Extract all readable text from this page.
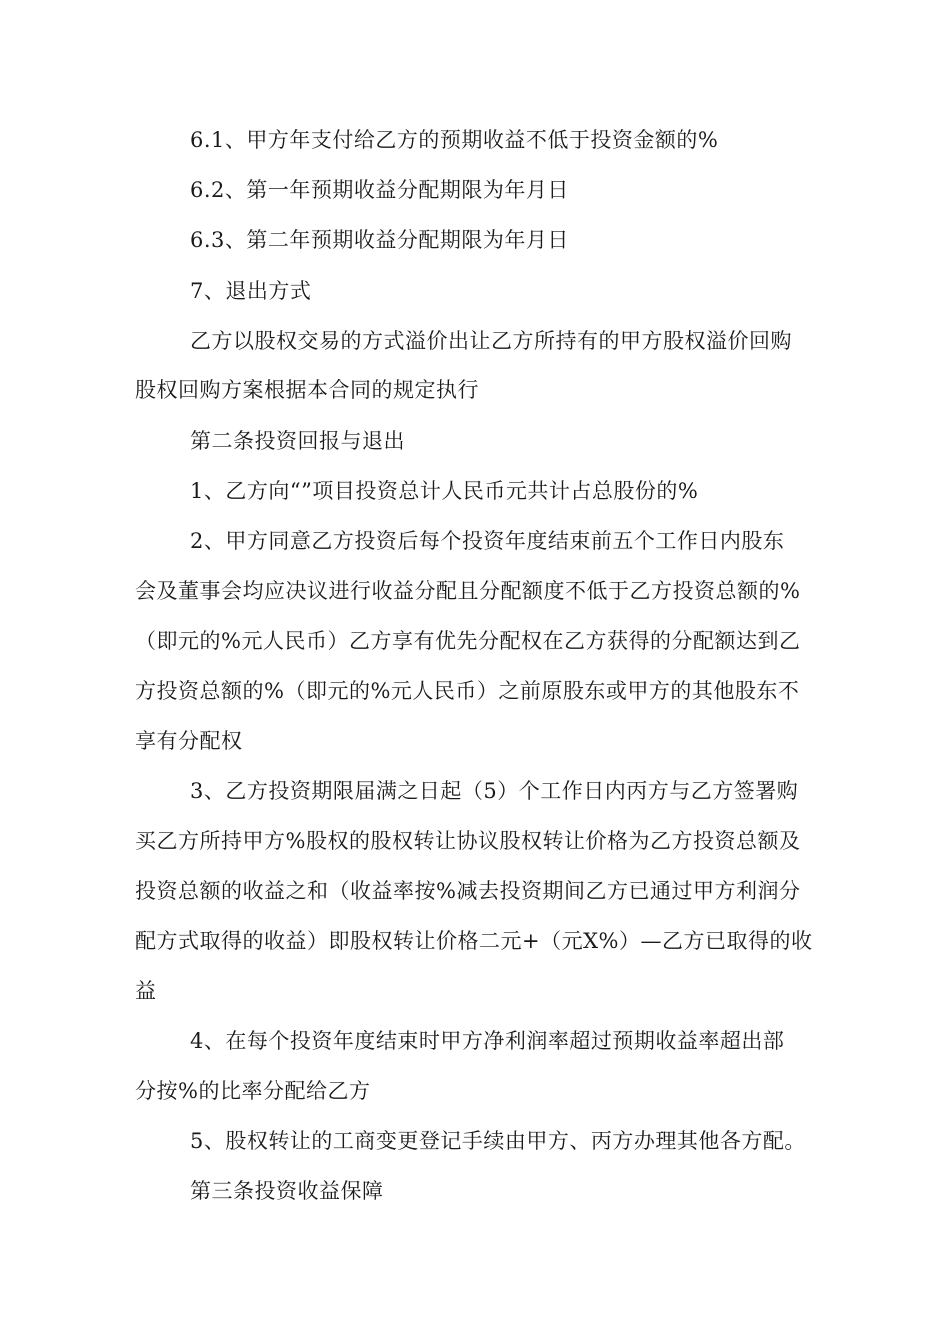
6.1、甲方年支付给乙方的预期收益不低于投资金额的%
6.2、第一年预期收益分配期限为年月日
6.3、第二年预期收益分配期限为年月日
7、退出方式
乙方以股权交易的方式溢价出让乙方所持有的甲方股权溢价回购
股权回购方案根据本合同的规定执行
第二条投资回报与退出
1、乙方向“”项目投资总计人民币元共计占总股份的%
2、甲方同意乙方投资后每个投资年度结束前五个工作日内股东
会及董事会均应决议进行收益分配且分配额度不低于乙方投资总额的%
（即元的%元人民币）乙方享有优先分配权在乙方获得的分配额达到乙
方投资总额的%（即元的%元人民币）之前原股东或甲方的其他股东不
享有分配权
3、乙方投资期限届满之日起（5）个工作日内丙方与乙方签署购
买乙方所持甲方%股权的股权转让协议股权转让价格为乙方投资总额及
投资总额的收益之和（收益率按%减去投资期间乙方已通过甲方利润分
配方式取得的收益）即股权转让价格二元+（元X%）—乙方已取得的收
益
4、在每个投资年度结束时甲方净利润率超过预期收益率超出部
分按%的比率分配给乙方
5、股权转让的工商变更登记手续由甲方、丙方办理其他各方配。
第三条投资收益保障
